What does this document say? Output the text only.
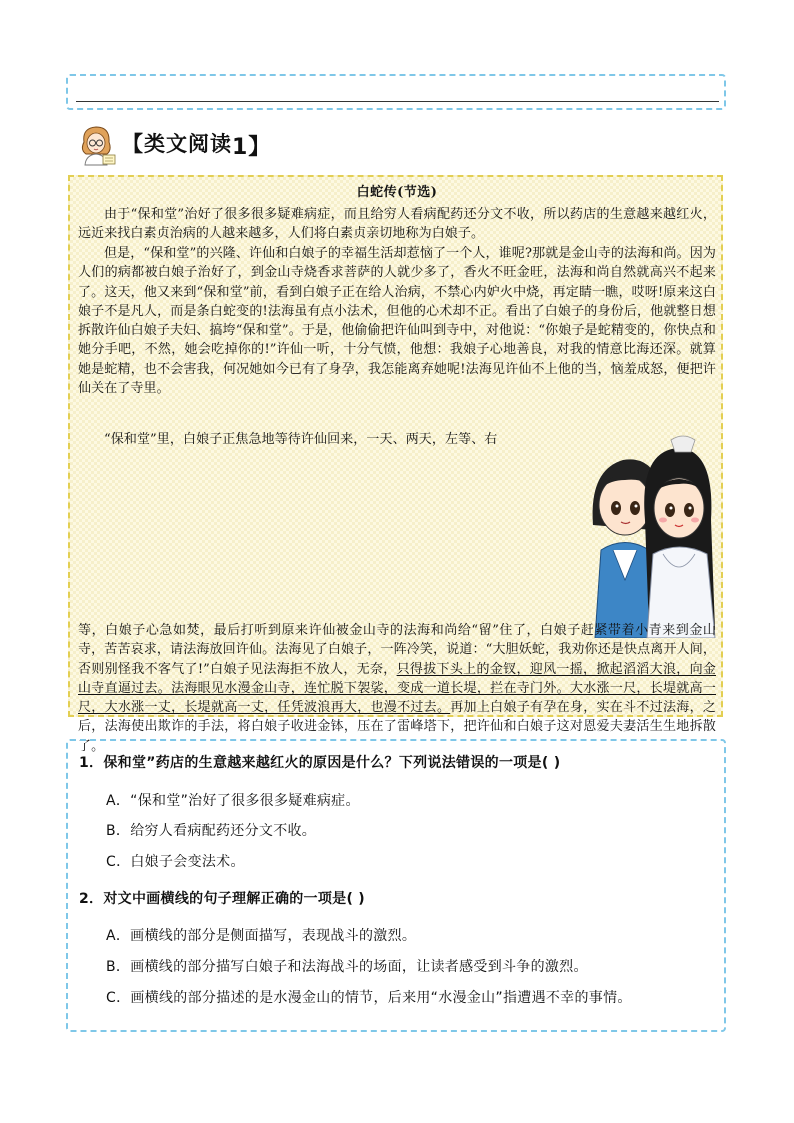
【类文阅读1】
白蛇传(节选)
由于“保和堂”治好了很多很多疑难病症，而且给穷人看病配药还分文不收，所以药店的生意越来越红火，远近来找白素贞治病的人越来越多，人们将白素贞亲切地称为白娘子。
但是，“保和堂”的兴隆、许仙和白娘子的幸福生活却惹恼了一个人，谁呢?那就是金山寺的法海和尚。因为人们的病都被白娘子治好了，到金山寺烧香求菩萨的人就少多了，香火不旺金旺，法海和尚自然就高兴不起来了。这天，他又来到“保和堂”前，看到白娘子正在给人治病，不禁心内妒火中烧，再定睛一瞧，哎呀!原来这白娘子不是凡人，而是条白蛇变的!法海虽有点小法术，但他的心术却不正。看出了白娘子的身份后，他就整日想拆散许仙白娘子夫妇、搞垮“保和堂”。于是，他偷偷把许仙叫到寺中，对他说：“你娘子是蛇精变的，你快点和她分手吧，不然，她会吃掉你的!”许仙一听，十分气愤，他想：我娘子心地善良，对我的情意比海还深。就算她是蛇精，也不会害我，何况她如今已有了身孕，我怎能离弃她呢!法海见许仙不上他的当，恼羞成怒，便把许仙关在了寺里。
“保和堂”里，白娘子正焦急地等待许仙回来，一天、两天，左等、右
等，白娘子心急如焚，最后打听到原来许仙被金山寺的法海和尚给“留”住了，白娘子赶紧带着小青来到金山寺，苦苦哀求，请法海放回许仙。法海见了白娘子，一阵冷笑，说道：“大胆妖蛇，我劝你还是快点离开人间，否则别怪我不客气了!”白娘子见法海拒不放人，无奈，只得拔下头上的金钗，迎风一摇，掀起滔滔大浪，向金山寺直逼过去。法海眼见水漫金山寺，连忙脱下袈裟，变成一道长堤，拦在寺门外。大水涨一尺，长堤就高一尺，大水涨一丈，长堤就高一丈，任凭波浪再大，也漫不过去。再加上白娘子有孕在身，实在斗不过法海，之后，法海使出欺诈的手法，将白娘子收进金钵，压在了雷峰塔下，把许仙和白娘子这对恩爱夫妻活生生地拆散了。
1．保和堂”药店的生意越来越红火的原因是什么？下列说法错误的一项是( )
A．“保和堂”治好了很多很多疑难病症。
B．给穷人看病配药还分文不收。
C．白娘子会变法术。
2．对文中画横线的句子理解正确的一项是( )
A．画横线的部分是侧面描写，表现战斗的激烈。
B．画横线的部分描写白娘子和法海战斗的场面，让读者感受到斗争的激烈。
C．画横线的部分描述的是水漫金山的情节，后来用“水漫金山”指遭遇不幸的事情。
